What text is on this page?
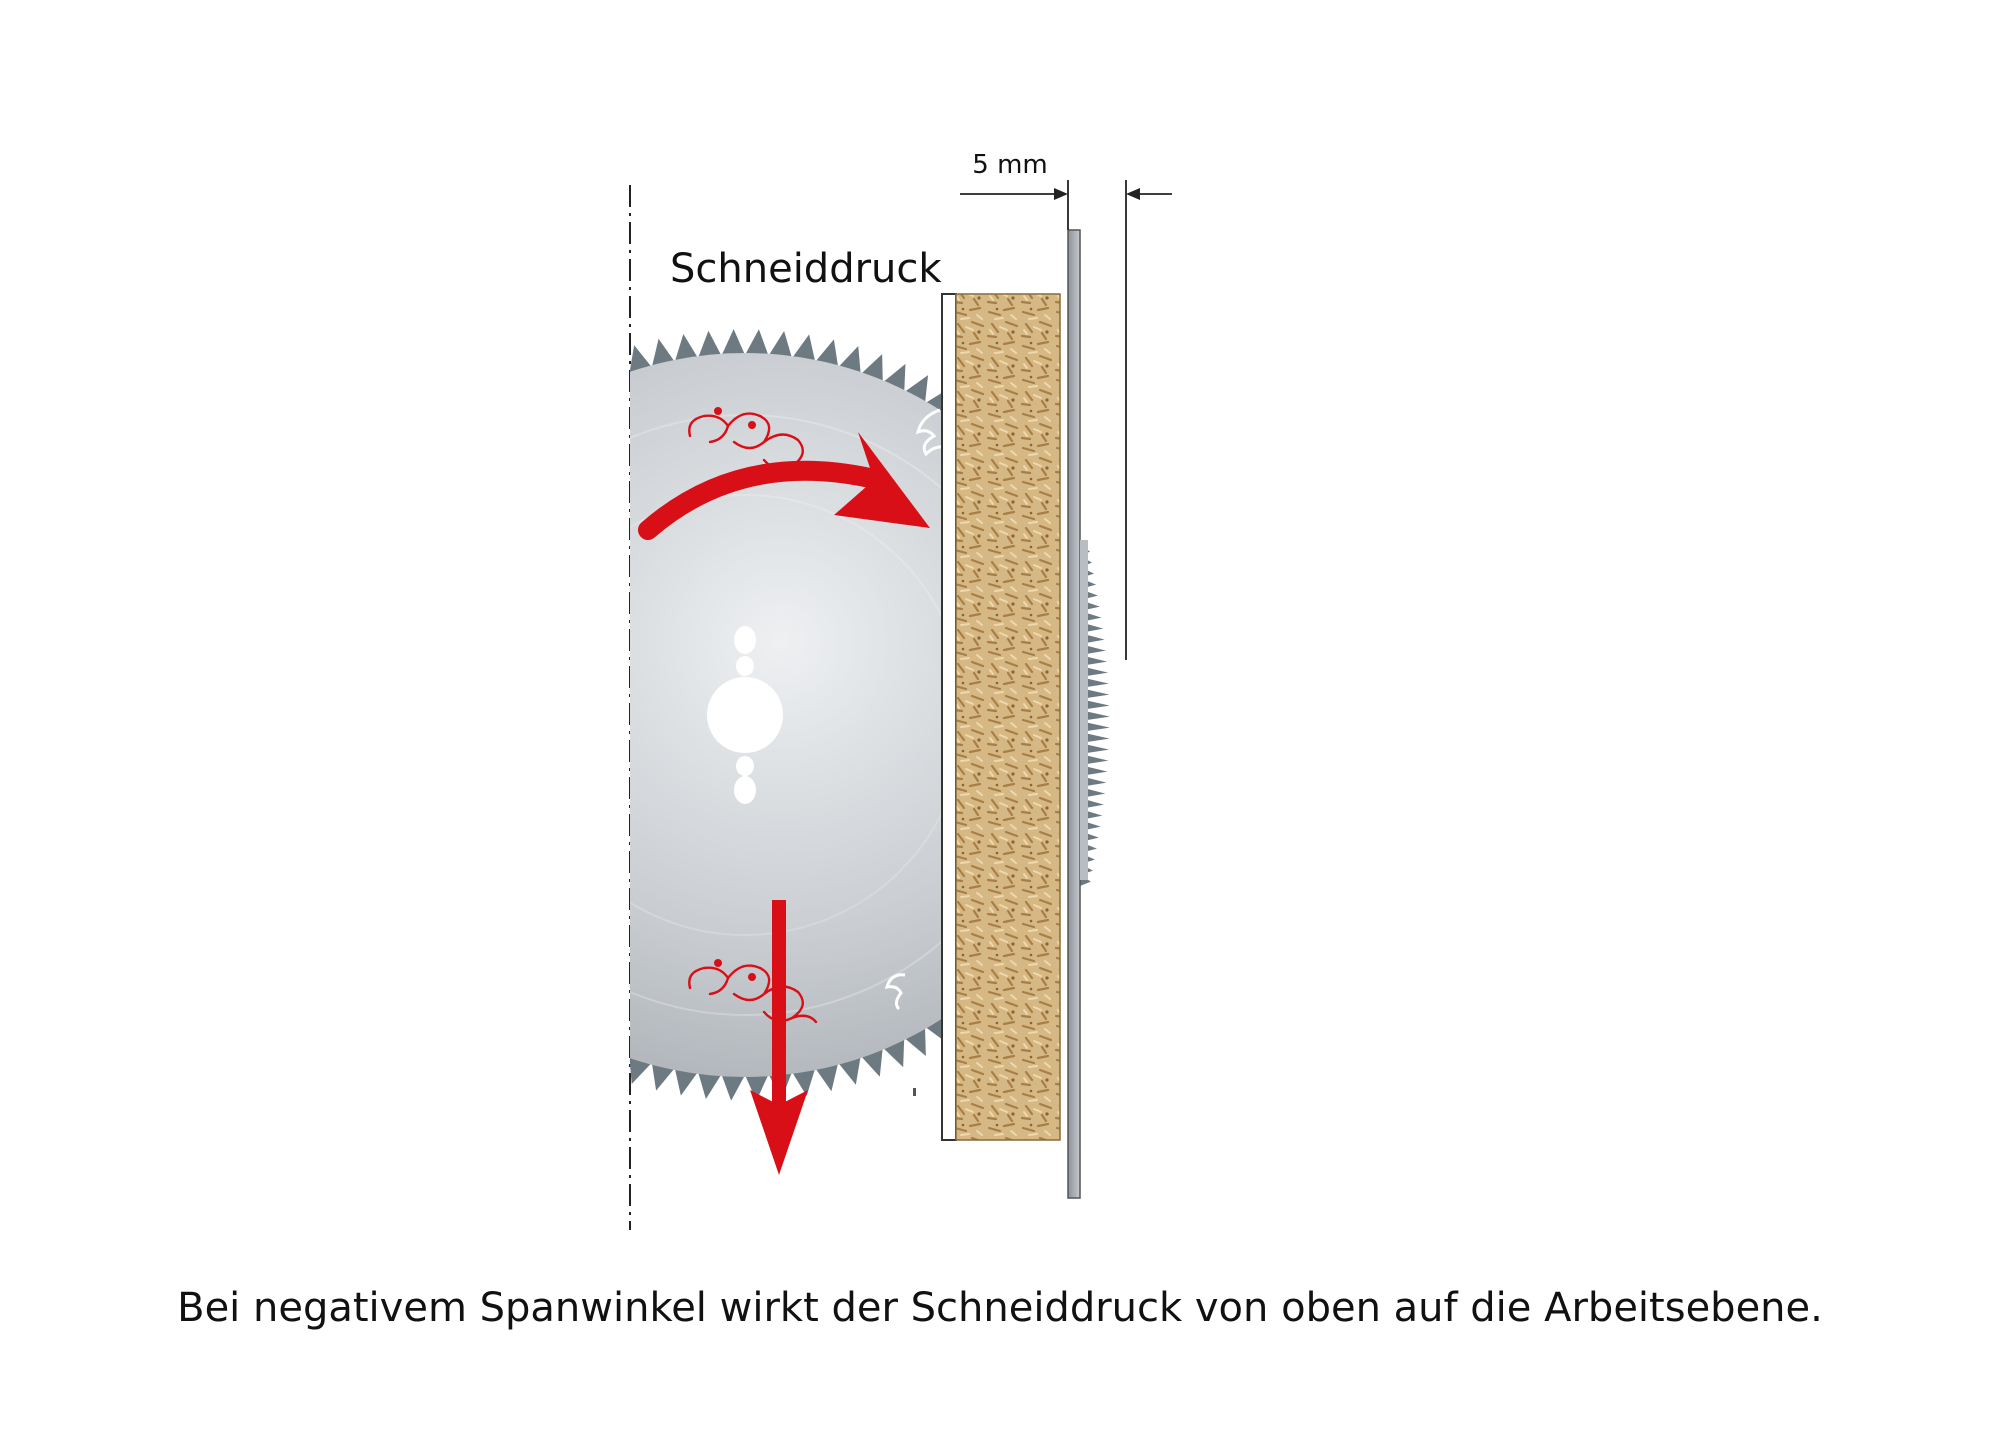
5 mm
Schneiddruck
Bei negativem Spanwinkel wirkt der Schneiddruck von oben auf die Arbeitsebene.
